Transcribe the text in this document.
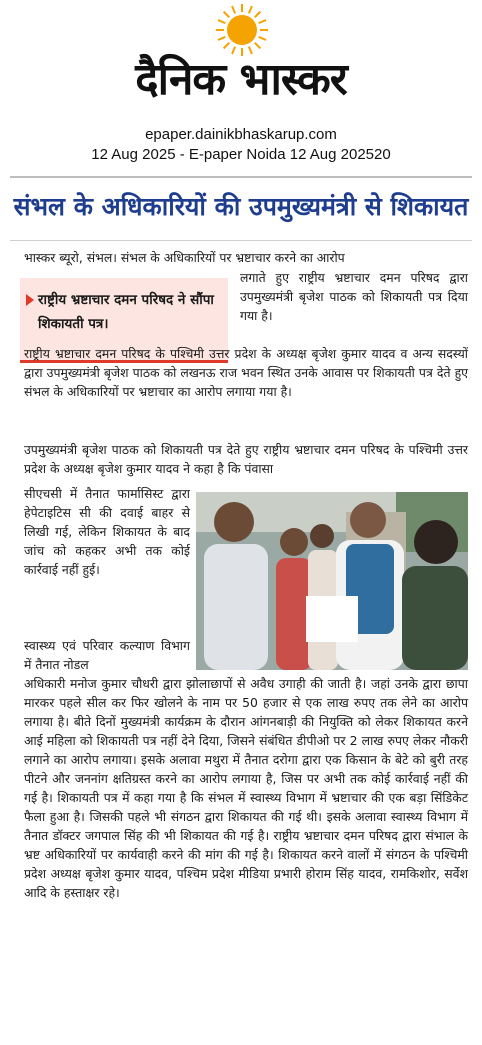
दैनिक भास्कर
epaper.dainikbhaskarup.com
12 Aug 2025 - E-paper Noida 12 Aug 202520
संभल के अधिकारियों की उपमुख्यमंत्री से शिकायत

भास्कर ब्यूरो, संभल। संभल के अधिकारियों पर भ्रष्टाचार करने का आरोप

राष्ट्रीय भ्रष्टाचार दमन परिषद ने सौंपा शिकायती पत्र।

लगाते हुए राष्ट्रीय भ्रष्टाचार दमन परिषद द्वारा उपमुख्यमंत्री बृजेश पाठक को शिकायती पत्र दिया गया है।

राष्ट्रीय भ्रष्टाचार दमन परिषद के पश्चिमी उत्तर प्रदेश के अध्यक्ष बृजेश कुमार यादव व अन्य सदस्यों द्वारा उपमुख्यमंत्री बृजेश पाठक को लखनऊ राज भवन स्थित उनके आवास पर शिकायती पत्र देते हुए संभल के अधिकारियों पर भ्रष्टाचार का आरोप लगाया गया है।

उपमुख्यमंत्री बृजेश पाठक को शिकायती पत्र देते हुए राष्ट्रीय भ्रष्टाचार दमन परिषद के पश्चिमी उत्तर प्रदेश के अध्यक्ष बृजेश कुमार यादव ने कहा है कि पंवासा

सीएचसी में तैनात फार्मासिस्ट द्वारा हेपेटाइटिस सी की दवाई बाहर से लिखी गई, लेकिन शिकायत के बाद जांच को कहकर अभी तक कोई कार्रवाई नहीं हुई।

स्वास्थ्य एवं परिवार कल्याण विभाग में तैनात नोडल

अधिकारी मनोज कुमार चौधरी द्वारा झोलाछापों से अवैध उगाही की जाती है। जहां उनके द्वारा छापा मारकर पहले सील कर फिर खोलने के नाम पर 50 हजार से एक लाख रुपए तक लेने का आरोप लगाया है। बीते दिनों मुख्यमंत्री कार्यक्रम के दौरान आंगनबाड़ी की नियुक्ति को लेकर शिकायत करने आई महिला को शिकायती पत्र नहीं देने दिया, जिसने संबंधित डीपीओ पर 2 लाख रुपए लेकर नौकरी लगाने का आरोप लगाया। इसके अलावा मथुरा में तैनात दरोगा द्वारा एक किसान के बेटे को बुरी तरह पीटने और जननांग क्षतिग्रस्त करने का आरोप लगाया है, जिस पर अभी तक कोई कार्रवाई नहीं की गई है। शिकायती पत्र में कहा गया है कि संभल में स्वास्थ्य विभाग में भ्रष्टाचार की एक बड़ा सिंडिकेट फैला हुआ है। जिसकी पहले भी संगठन द्वारा शिकायत की गई थी। इसके अलावा स्वास्थ्य विभाग में तैनात डॉक्टर जगपाल सिंह की भी शिकायत की गई है। राष्ट्रीय भ्रष्टाचार दमन परिषद द्वारा संभाल के भ्रष्ट अधिकारियों पर कार्यवाही करने की मांग की गई है। शिकायत करने वालों में संगठन के पश्चिमी प्रदेश अध्यक्ष बृजेश कुमार यादव, पश्चिम प्रदेश मीडिया प्रभारी होराम सिंह यादव, रामकिशोर, सर्वेश आदि के हस्ताक्षर रहे।
